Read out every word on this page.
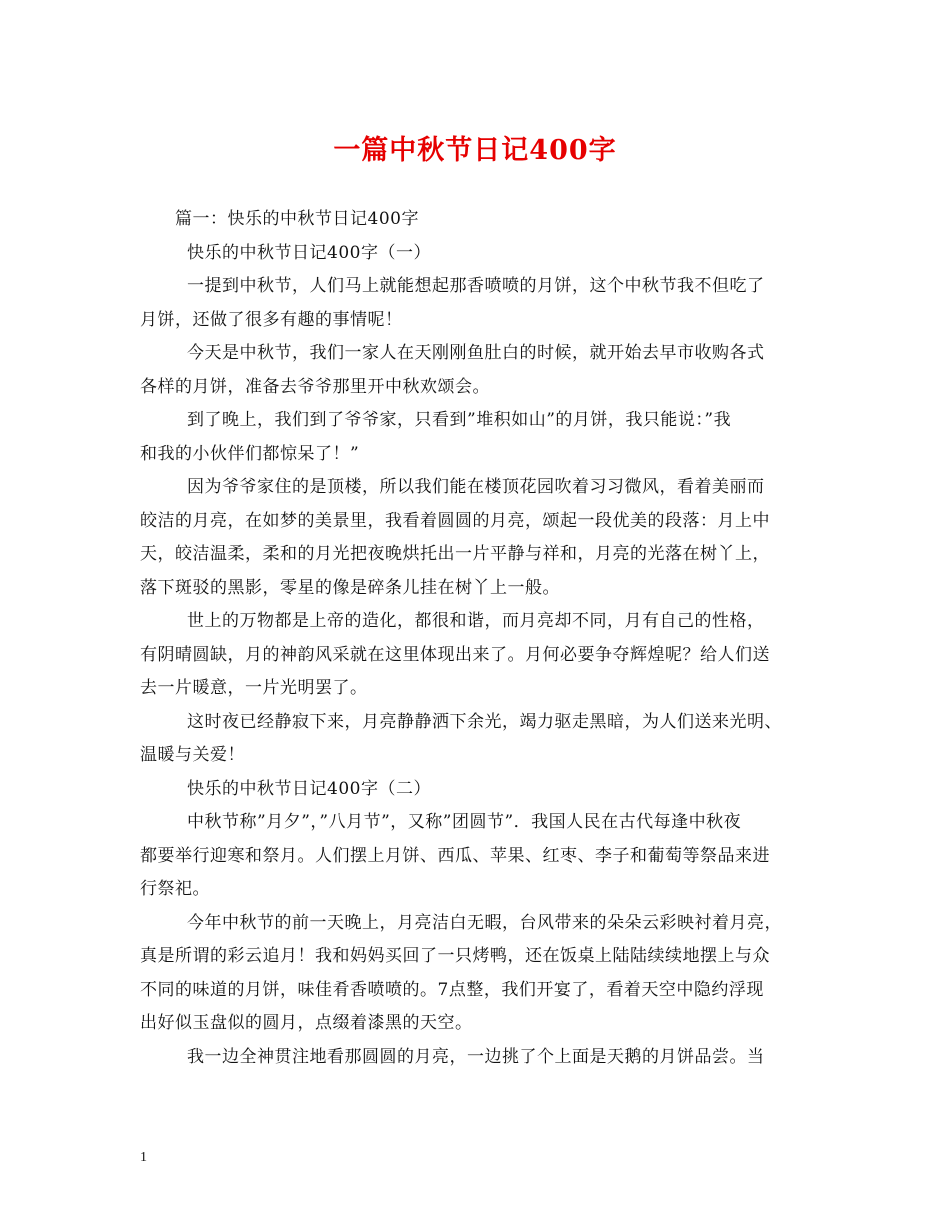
一篇中秋节日记400字
篇一：快乐的中秋节日记400字
快乐的中秋节日记400字（一）
一提到中秋节，人们马上就能想起那香喷喷的月饼，这个中秋节我不但吃了
月饼，还做了很多有趣的事情呢！
今天是中秋节，我们一家人在天刚刚鱼肚白的时候，就开始去早市收购各式
各样的月饼，准备去爷爷那里开中秋欢颂会。
到了晚上，我们到了爷爷家，只看到”堆积如山”的月饼，我只能说：”我
和我的小伙伴们都惊呆了！”
因为爷爷家住的是顶楼，所以我们能在楼顶花园吹着习习微风，看着美丽而
皎洁的月亮，在如梦的美景里，我看着圆圆的月亮，颂起一段优美的段落：月上中
天，皎洁温柔，柔和的月光把夜晚烘托出一片平静与祥和，月亮的光落在树丫上，
落下斑驳的黑影，零星的像是碎条儿挂在树丫上一般。
世上的万物都是上帝的造化，都很和谐，而月亮却不同，月有自己的性格，
有阴晴圆缺，月的神韵风采就在这里体现出来了。月何必要争夺辉煌呢？给人们送
去一片暖意，一片光明罢了。
这时夜已经静寂下来，月亮静静洒下余光，竭力驱走黑暗，为人们送来光明、
温暖与关爱！
快乐的中秋节日记400字（二）
中秋节称”月夕”，”八月节”，又称”团圆节”．我国人民在古代每逢中秋夜
都要举行迎寒和祭月。人们摆上月饼、西瓜、苹果、红枣、李子和葡萄等祭品来进
行祭祀。
今年中秋节的前一天晚上，月亮洁白无暇，台风带来的朵朵云彩映衬着月亮，
真是所谓的彩云追月！我和妈妈买回了一只烤鸭，还在饭桌上陆陆续续地摆上与众
不同的味道的月饼，味佳肴香喷喷的。7点整，我们开宴了，看着天空中隐约浮现
出好似玉盘似的圆月，点缀着漆黑的天空。
我一边全神贯注地看那圆圆的月亮，一边挑了个上面是天鹅的月饼品尝。当
1
